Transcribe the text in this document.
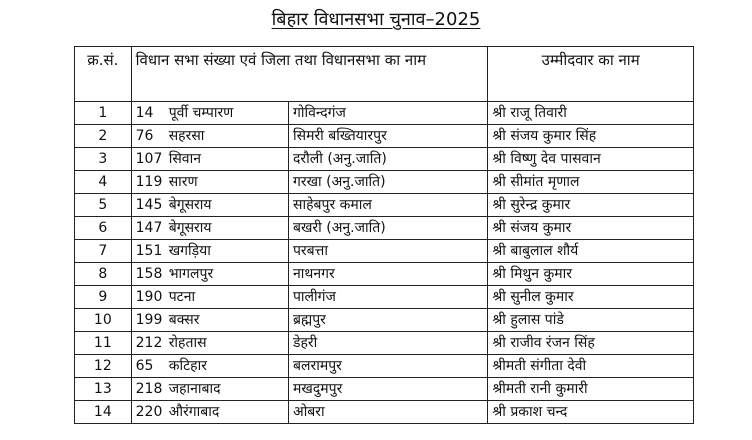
बिहार विधानसभा चुनाव–2025
क्र.सं.	विधान सभा संख्या एवं जिला तथा विधानसभा का नाम			उम्मीदवार का नाम
1	14	पूर्वी चम्पारण	गोविन्दगंज	श्री राजू तिवारी
2	76	सहरसा	सिमरी बख्तियारपुर	श्री संजय कुमार सिंह
3	107	सिवान	दरौली (अनु.जाति)	श्री विष्णु देव पासवान
4	119	सारण	गरखा (अनु.जाति)	श्री सीमांत मृणाल
5	145	बेगूसराय	साहेबपुर कमाल	श्री सुरेन्द्र कुमार
6	147	बेगूसराय	बखरी (अनु.जाति)	श्री संजय कुमार
7	151	खगड़िया	परबत्ता	श्री बाबुलाल शौर्य
8	158	भागलपुर	नाथनगर	श्री मिथुन कुमार
9	190	पटना	पालीगंज	श्री सुनील कुमार
10	199	बक्सर	ब्रह्मपुर	श्री हुलास पांडे
11	212	रोहतास	डेहरी	श्री राजीव रंजन सिंह
12	65	कटिहार	बलरामपुर	श्रीमती संगीता देवी
13	218	जहानाबाद	मखदुमपुर	श्रीमती रानी कुमारी
14	220	औरंगाबाद	ओबरा	श्री प्रकाश चन्द
